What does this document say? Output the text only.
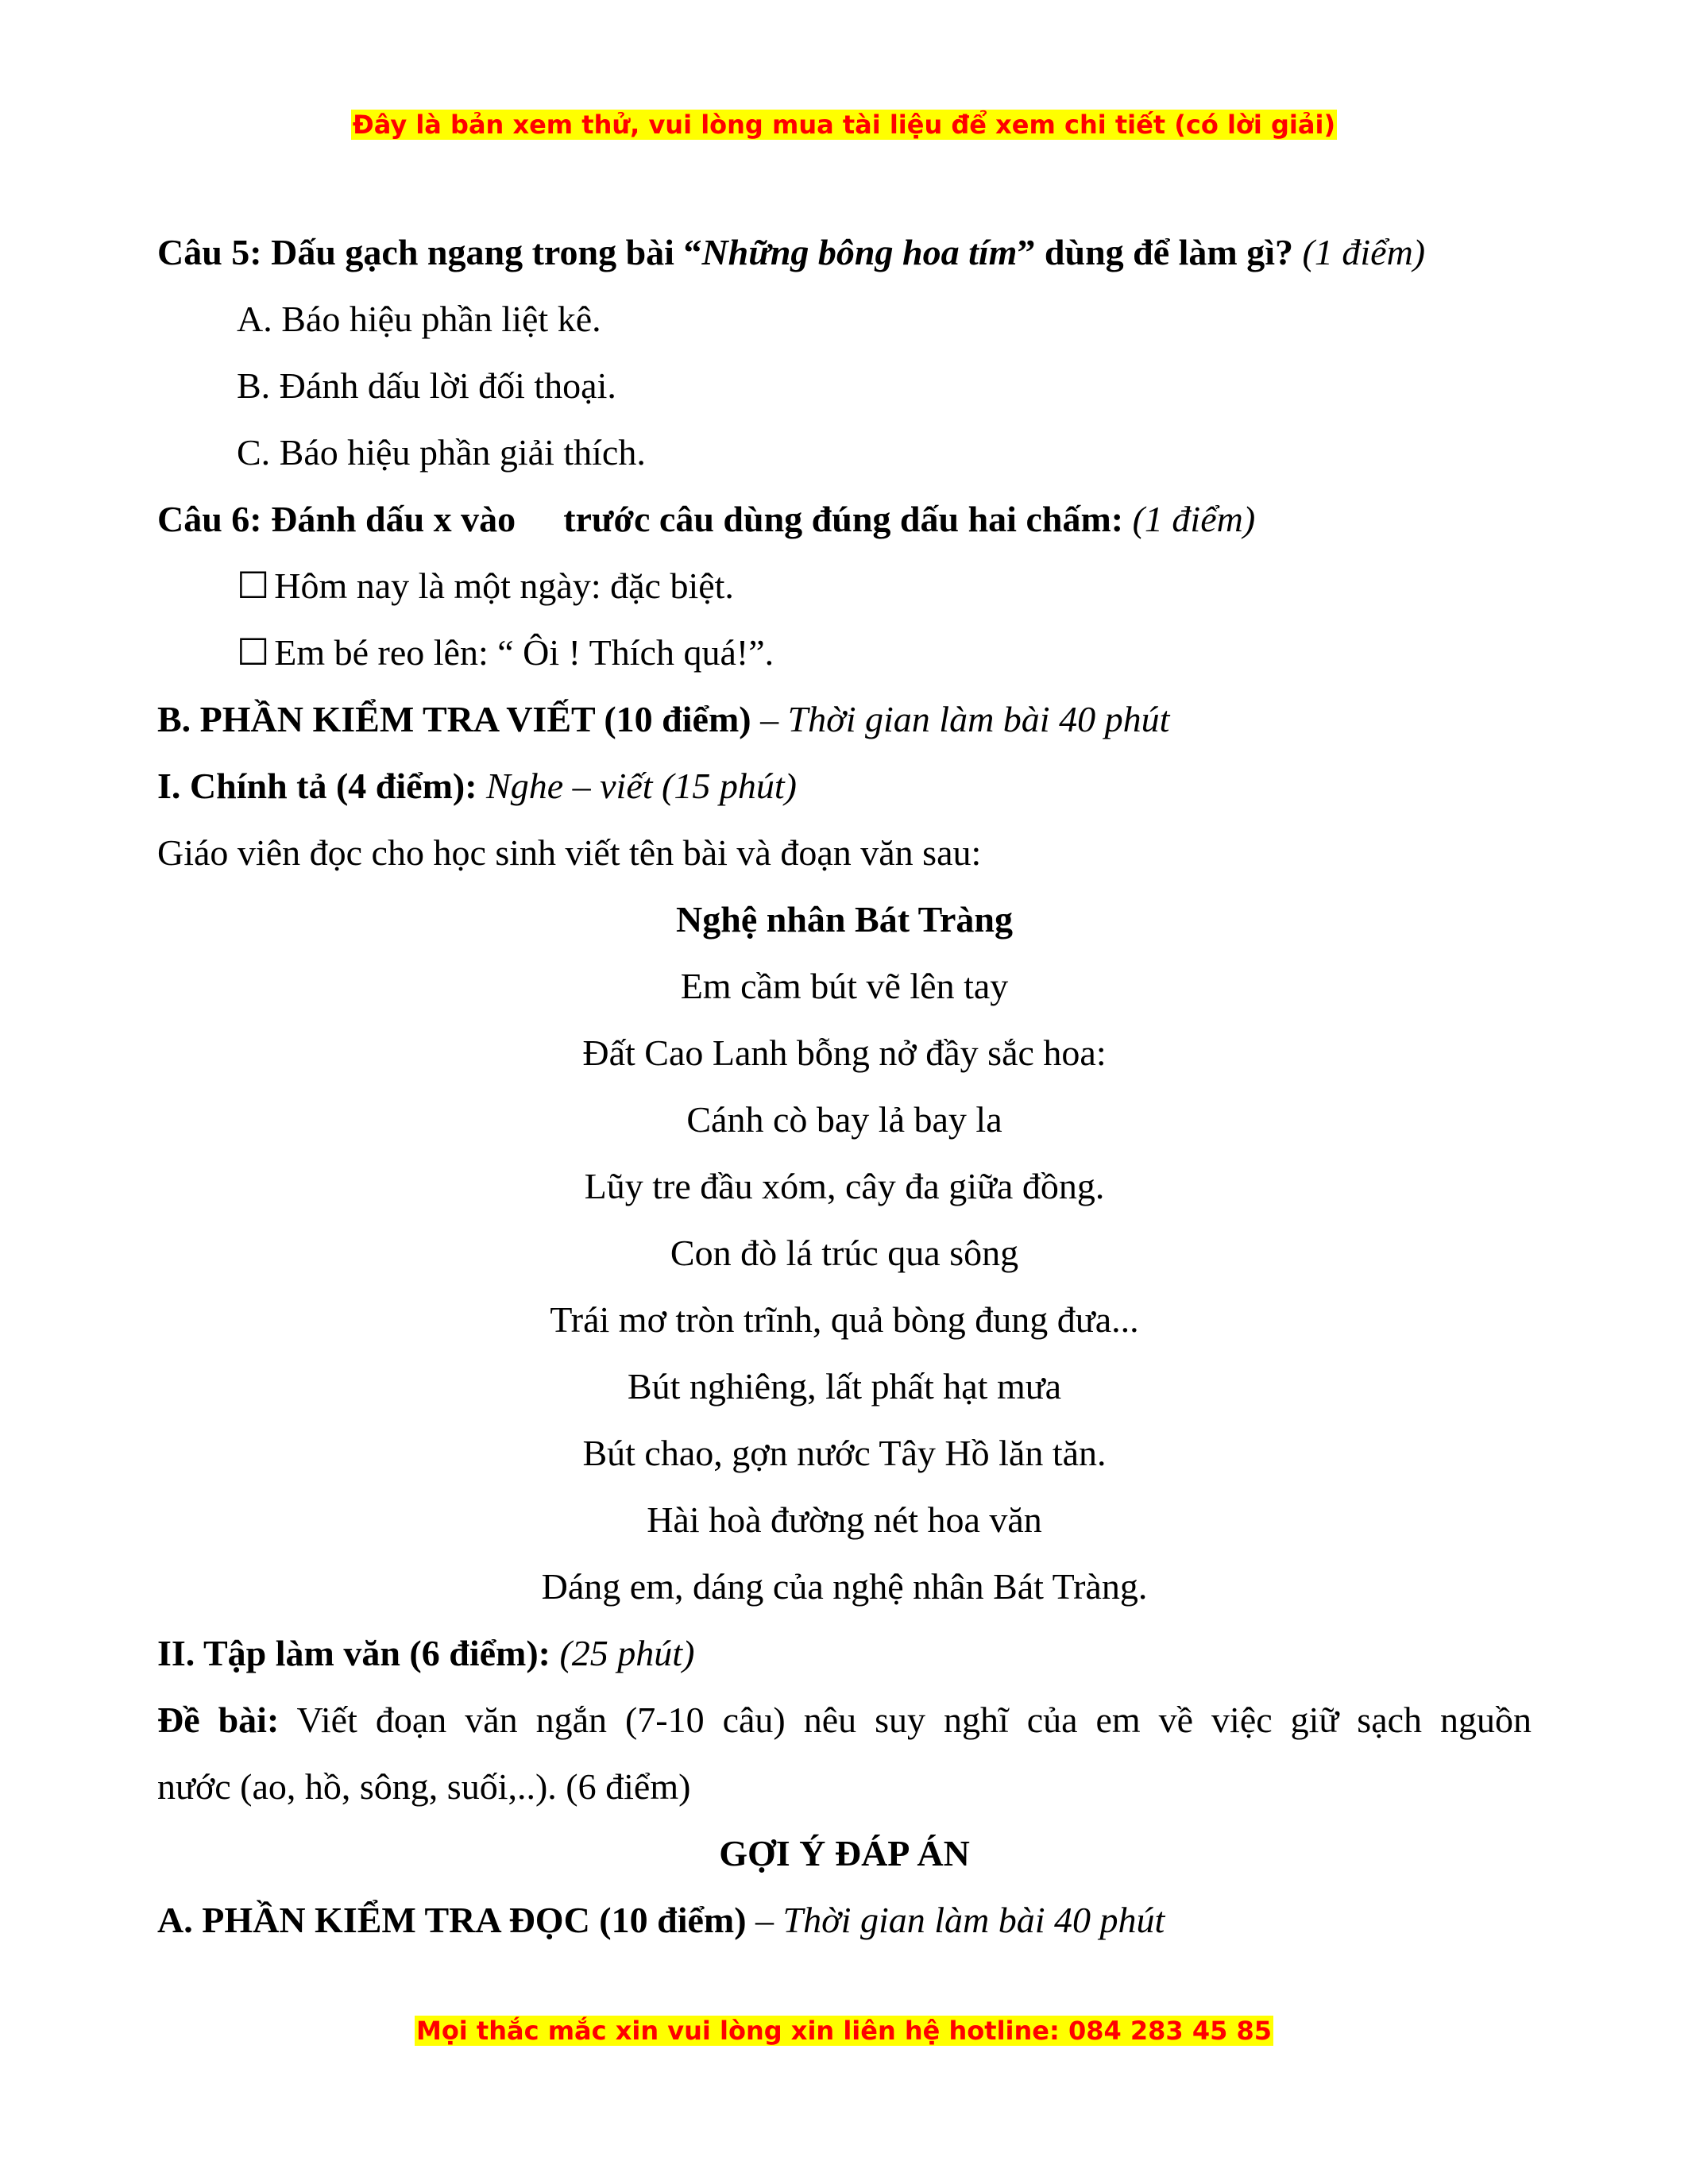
Đây là bản xem thử, vui lòng mua tài liệu để xem chi tiết (có lời giải)
Câu 5: Dấu gạch ngang trong bài “Những bông hoa tím” dùng để làm gì? (1 điểm)
A. Báo hiệu phần liệt kê.
B. Đánh dấu lời đối thoại.
C. Báo hiệu phần giải thích.
Câu 6: Đánh dấu x vào trước câu dùng đúng dấu hai chấm: (1 điểm)
☐ Hôm nay là một ngày: đặc biệt.
☐ Em bé reo lên: “ Ôi ! Thích quá!”.
B. PHẦN KIỂM TRA VIẾT (10 điểm) – Thời gian làm bài 40 phút
I. Chính tả (4 điểm): Nghe – viết (15 phút)
Giáo viên đọc cho học sinh viết tên bài và đoạn văn sau:
Nghệ nhân Bát Tràng
Em cầm bút vẽ lên tay
Đất Cao Lanh bỗng nở đầy sắc hoa:
Cánh cò bay lả bay la
Lũy tre đầu xóm, cây đa giữa đồng.
Con đò lá trúc qua sông
Trái mơ tròn trĩnh, quả bòng đung đưa...
Bút nghiêng, lất phất hạt mưa
Bút chao, gợn nước Tây Hồ lăn tăn.
Hài hoà đường nét hoa văn
Dáng em, dáng của nghệ nhân Bát Tràng.
II. Tập làm văn (6 điểm): (25 phút)
Đề bài: Viết đoạn văn ngắn (7-10 câu) nêu suy nghĩ của em về việc giữ sạch nguồn
nước (ao, hồ, sông, suối,..). (6 điểm)
GỢI Ý ĐÁP ÁN
A. PHẦN KIỂM TRA ĐỌC (10 điểm) – Thời gian làm bài 40 phút
Mọi thắc mắc xin vui lòng xin liên hệ hotline: 084 283 45 85
